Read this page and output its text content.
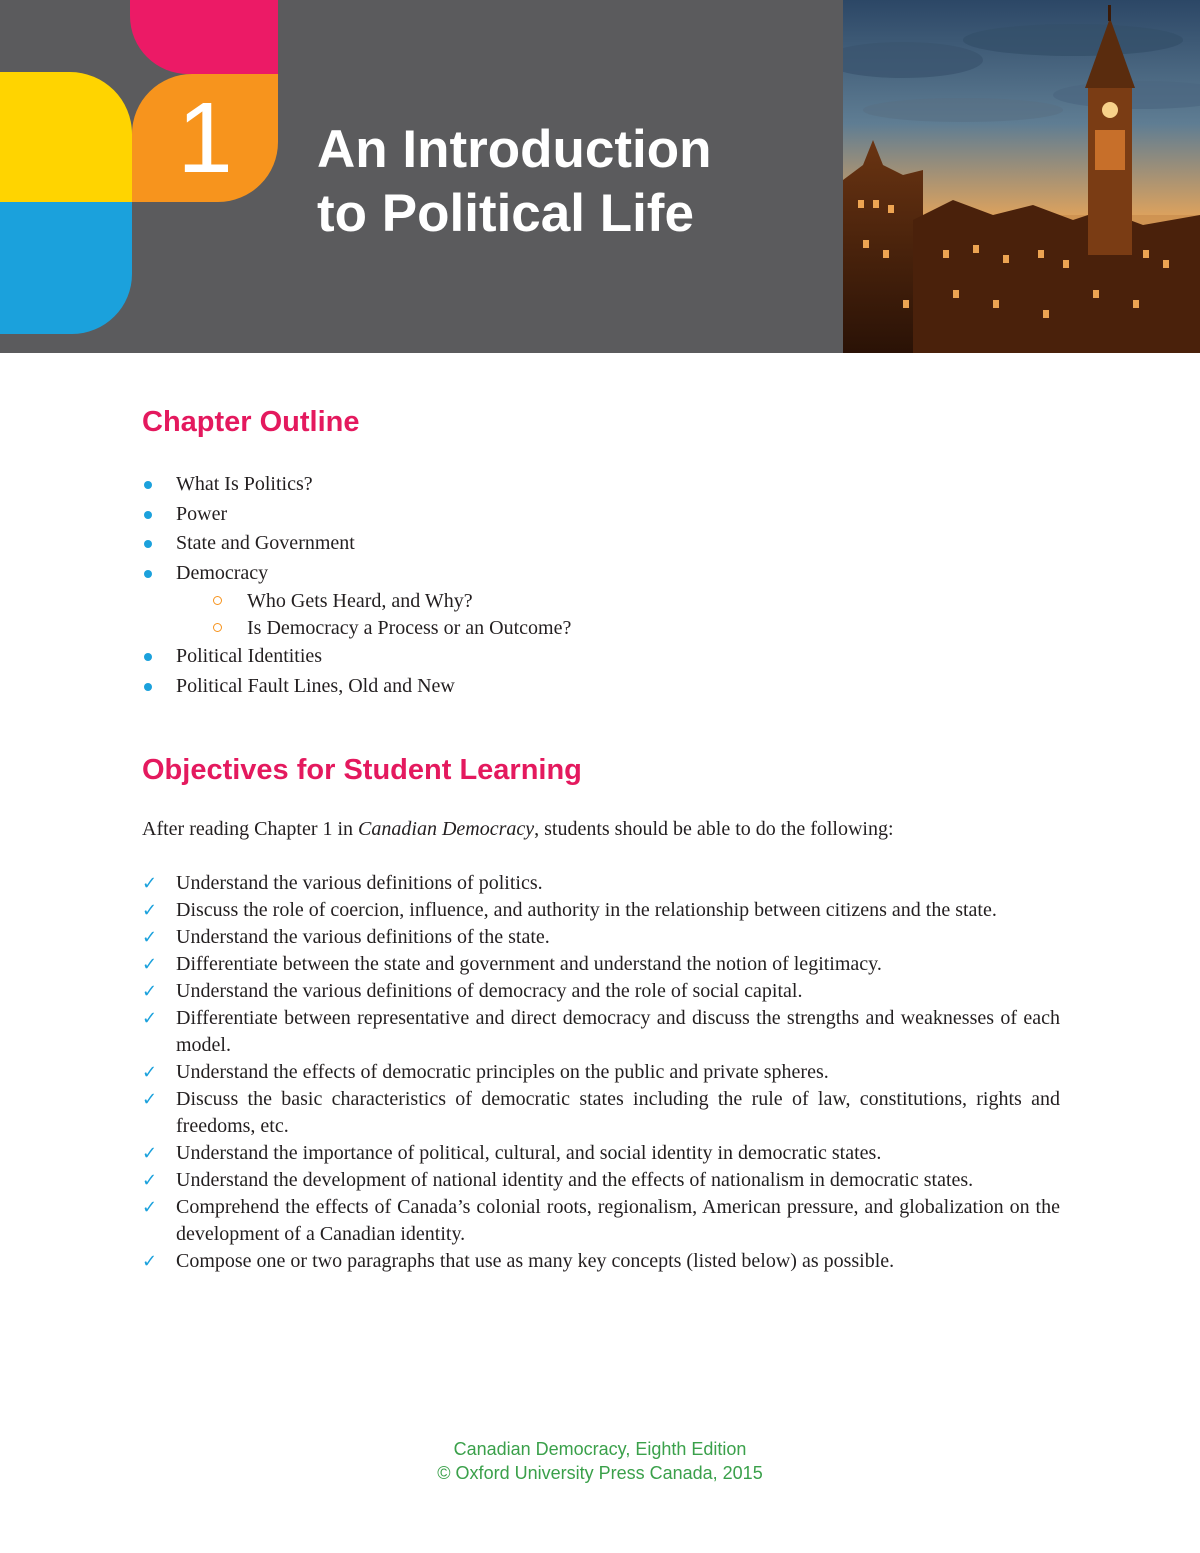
1	An Introduction
to Political Life
Chapter Outline
What Is Politics?
Power
State and Government
Democracy
Who Gets Heard, and Why?
Is Democracy a Process or an Outcome?
Political Identities
Political Fault Lines, Old and New
Objectives for Student Learning

After reading Chapter 1 in Canadian Democracy, students should be able to do the following:

✓ Understand the various definitions of politics.
✓ Discuss the role of coercion, influence, and authority in the relationship between citizens and the state.
✓ Understand the various definitions of the state.
✓ Differentiate between the state and government and understand the notion of legitimacy.
✓ Understand the various definitions of democracy and the role of social capital.
✓ Differentiate between representative and direct democracy and discuss the strengths and weaknesses of each model.
✓ Understand the effects of democratic principles on the public and private spheres.
✓ Discuss the basic characteristics of democratic states including the rule of law, constitutions, rights and freedoms, etc.
✓ Understand the importance of political, cultural, and social identity in democratic states.
✓ Understand the development of national identity and the effects of nationalism in democratic states.
✓ Comprehend the effects of Canada’s colonial roots, regionalism, American pressure, and globalization on the development of a Canadian identity.
✓ Compose one or two paragraphs that use as many key concepts (listed below) as possible.
Canadian Democracy, Eighth Edition
© Oxford University Press Canada, 2015
